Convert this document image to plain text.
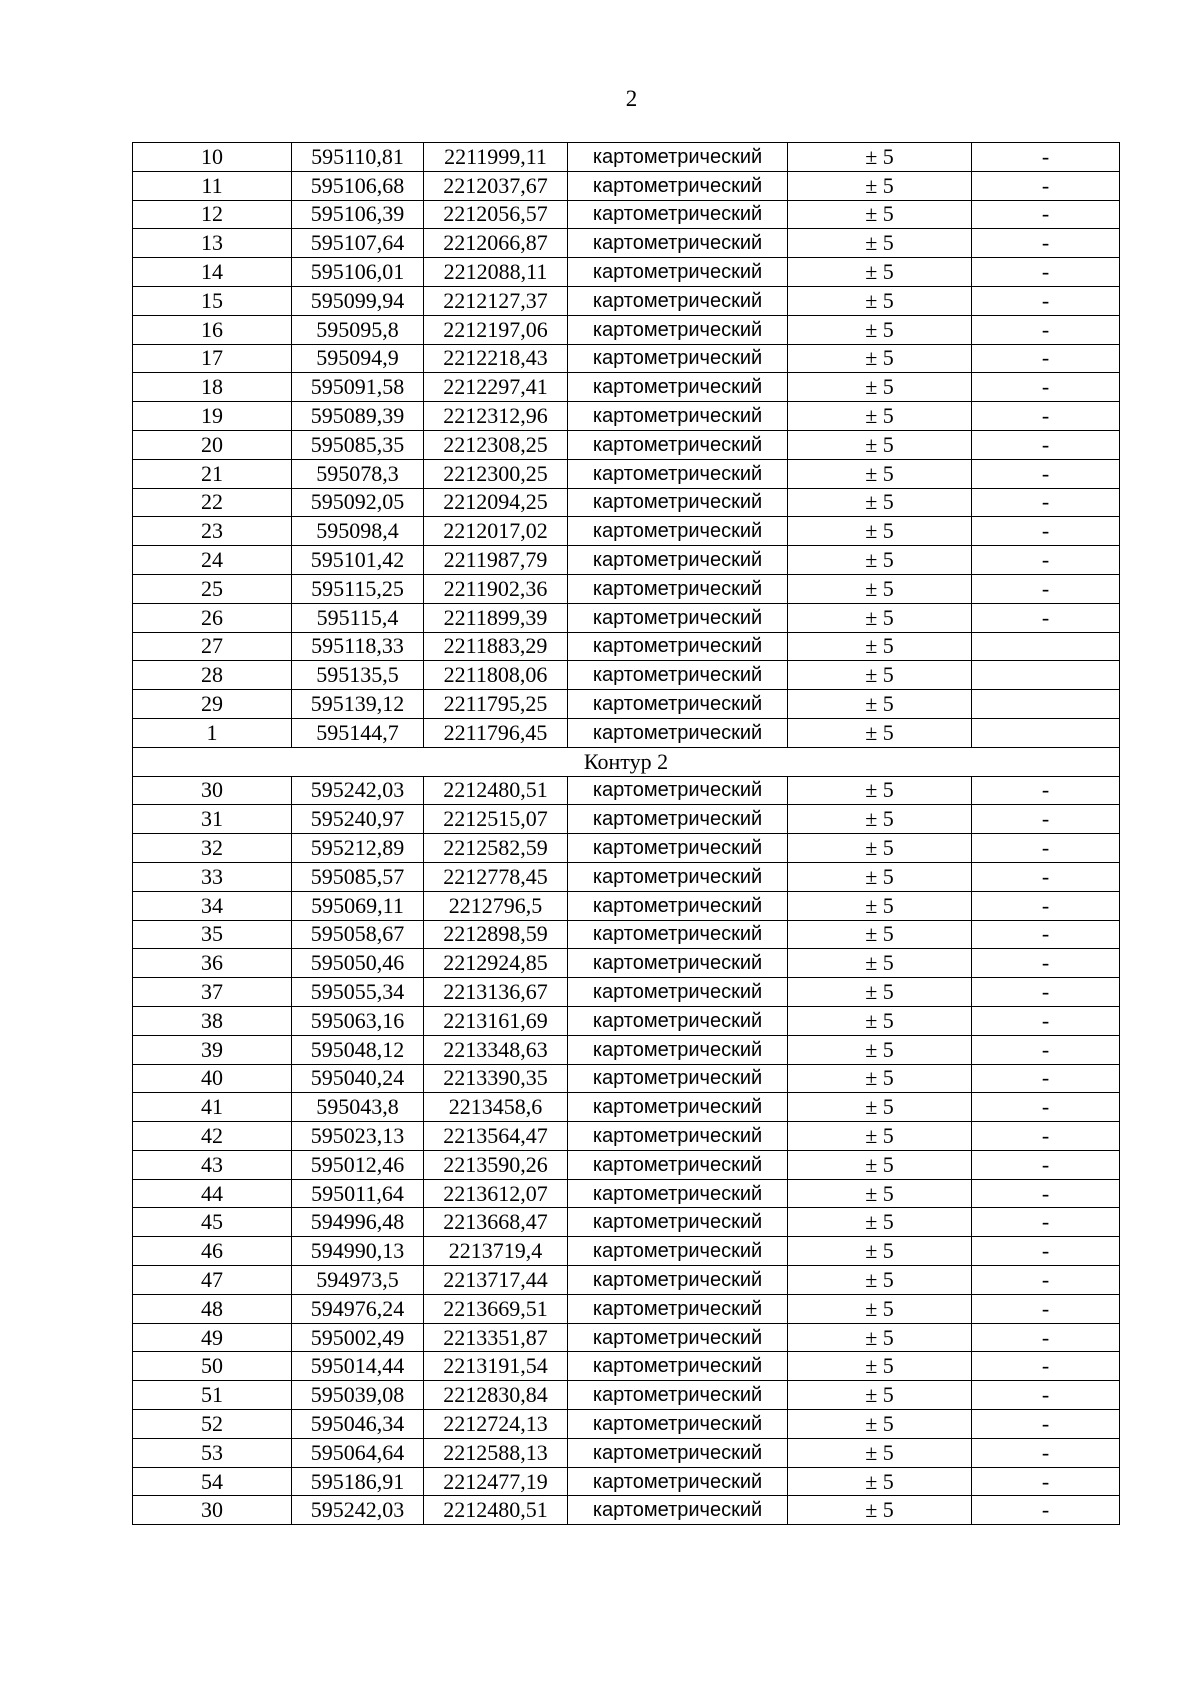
2
10	595110,81	2211999,11	картометрический	± 5	-
11	595106,68	2212037,67	картометрический	± 5	-
12	595106,39	2212056,57	картометрический	± 5	-
13	595107,64	2212066,87	картометрический	± 5	-
14	595106,01	2212088,11	картометрический	± 5	-
15	595099,94	2212127,37	картометрический	± 5	-
16	595095,8	2212197,06	картометрический	± 5	-
17	595094,9	2212218,43	картометрический	± 5	-
18	595091,58	2212297,41	картометрический	± 5	-
19	595089,39	2212312,96	картометрический	± 5	-
20	595085,35	2212308,25	картометрический	± 5	-
21	595078,3	2212300,25	картометрический	± 5	-
22	595092,05	2212094,25	картометрический	± 5	-
23	595098,4	2212017,02	картометрический	± 5	-
24	595101,42	2211987,79	картометрический	± 5	-
25	595115,25	2211902,36	картометрический	± 5	-
26	595115,4	2211899,39	картометрический	± 5	-
27	595118,33	2211883,29	картометрический	± 5	
28	595135,5	2211808,06	картометрический	± 5	
29	595139,12	2211795,25	картометрический	± 5	
1	595144,7	2211796,45	картометрический	± 5	
Контур 2					
30	595242,03	2212480,51	картометрический	± 5	-
31	595240,97	2212515,07	картометрический	± 5	-
32	595212,89	2212582,59	картометрический	± 5	-
33	595085,57	2212778,45	картометрический	± 5	-
34	595069,11	2212796,5	картометрический	± 5	-
35	595058,67	2212898,59	картометрический	± 5	-
36	595050,46	2212924,85	картометрический	± 5	-
37	595055,34	2213136,67	картометрический	± 5	-
38	595063,16	2213161,69	картометрический	± 5	-
39	595048,12	2213348,63	картометрический	± 5	-
40	595040,24	2213390,35	картометрический	± 5	-
41	595043,8	2213458,6	картометрический	± 5	-
42	595023,13	2213564,47	картометрический	± 5	-
43	595012,46	2213590,26	картометрический	± 5	-
44	595011,64	2213612,07	картометрический	± 5	-
45	594996,48	2213668,47	картометрический	± 5	-
46	594990,13	2213719,4	картометрический	± 5	-
47	594973,5	2213717,44	картометрический	± 5	-
48	594976,24	2213669,51	картометрический	± 5	-
49	595002,49	2213351,87	картометрический	± 5	-
50	595014,44	2213191,54	картометрический	± 5	-
51	595039,08	2212830,84	картометрический	± 5	-
52	595046,34	2212724,13	картометрический	± 5	-
53	595064,64	2212588,13	картометрический	± 5	-
54	595186,91	2212477,19	картометрический	± 5	-
30	595242,03	2212480,51	картометрический	± 5	-
